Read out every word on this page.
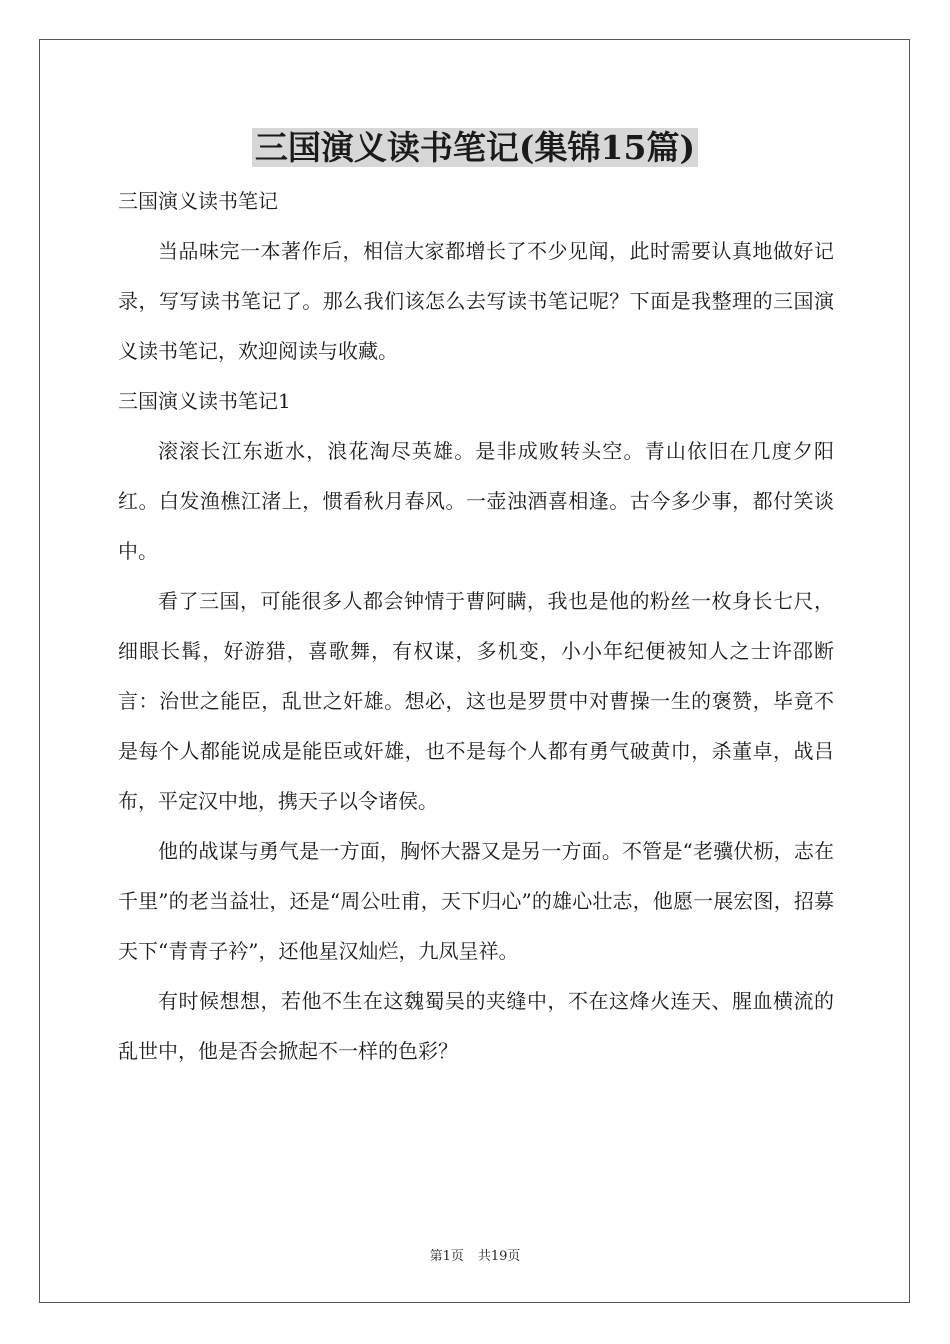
三国演义读书笔记(集锦15篇)

三国演义读书笔记

当品味完一本著作后，相信大家都增长了不少见闻，此时需要认真地做好记录，写写读书笔记了。那么我们该怎么去写读书笔记呢？下面是我整理的三国演义读书笔记，欢迎阅读与收藏。

三国演义读书笔记1

滚滚长江东逝水，浪花淘尽英雄。是非成败转头空。青山依旧在几度夕阳红。白发渔樵江渚上，惯看秋月春风。一壶浊酒喜相逢。古今多少事，都付笑谈中。

看了三国，可能很多人都会钟情于曹阿瞒，我也是他的粉丝一枚身长七尺，细眼长髯，好游猎，喜歌舞，有权谋，多机变，小小年纪便被知人之士许邵断言：治世之能臣，乱世之奸雄。想必，这也是罗贯中对曹操一生的褒赞，毕竟不是每个人都能说成是能臣或奸雄，也不是每个人都有勇气破黄巾，杀董卓，战吕布，平定汉中地，携天子以令诸侯。

他的战谋与勇气是一方面，胸怀大器又是另一方面。不管是“老骥伏枥，志在千里”的老当益壮，还是“周公吐甫，天下归心”的雄心壮志，他愿一展宏图，招募天下“青青子衿”，还他星汉灿烂，九凤呈祥。

有时候想想，若他不生在这魏蜀吴的夹缝中，不在这烽火连天、腥血横流的乱世中，他是否会掀起不一样的色彩？

第1页 共19页
